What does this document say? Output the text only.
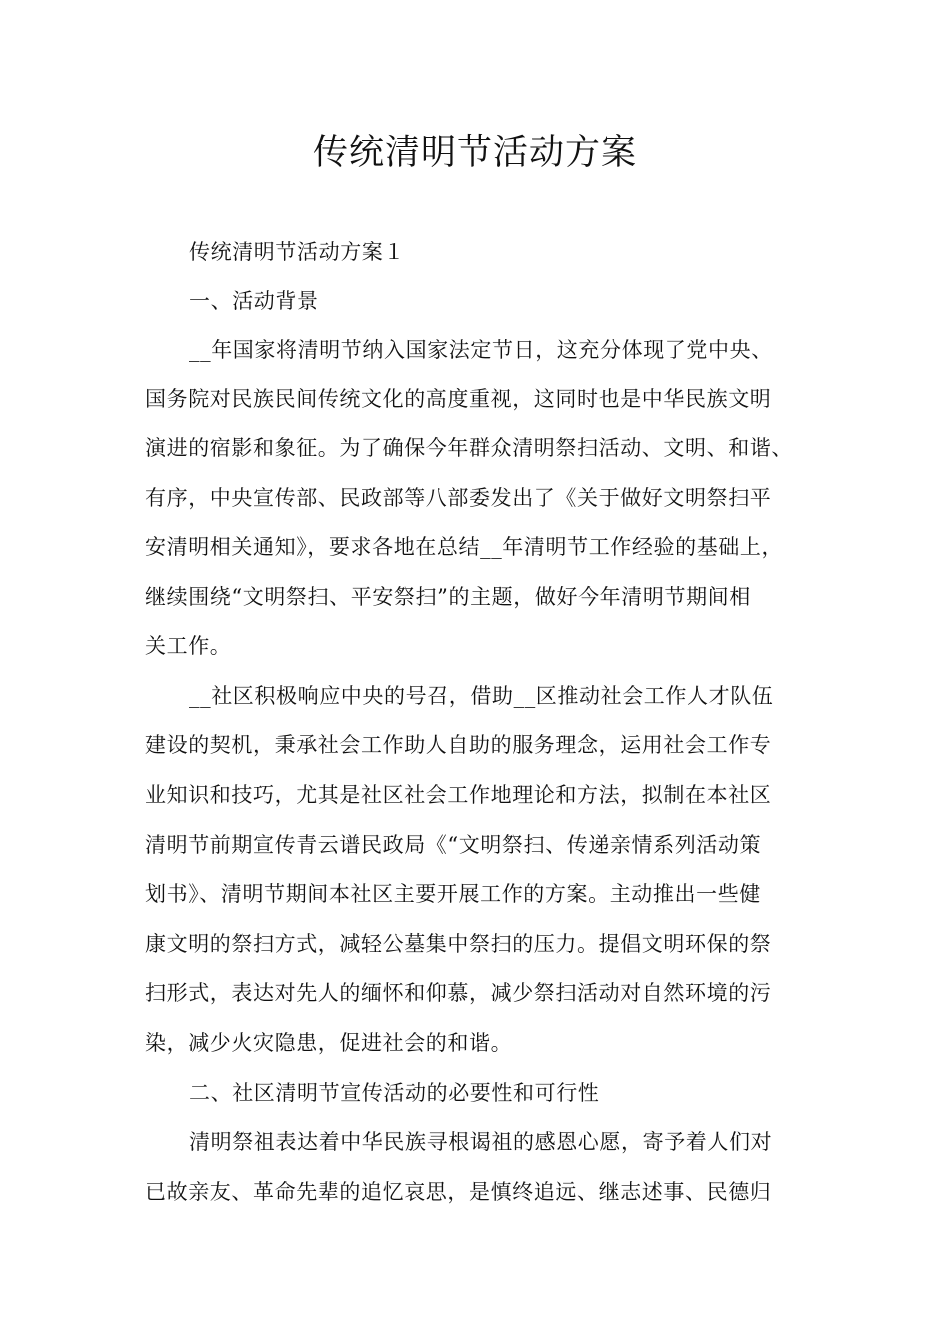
传统清明节活动方案
传统清明节活动方案１
一、活动背景
__年国家将清明节纳入国家法定节日，这充分体现了党中央、
国务院对民族民间传统文化的高度重视，这同时也是中华民族文明
演进的宿影和象征。为了确保今年群众清明祭扫活动、文明、和谐、
有序，中央宣传部、民政部等八部委发出了《关于做好文明祭扫平
安清明相关通知》，要求各地在总结__年清明节工作经验的基础上，
继续围绕“文明祭扫、平安祭扫”的主题，做好今年清明节期间相
关工作。
__社区积极响应中央的号召，借助__区推动社会工作人才队伍
建设的契机，秉承社会工作助人自助的服务理念，运用社会工作专
业知识和技巧，尤其是社区社会工作地理论和方法，拟制在本社区
清明节前期宣传青云谱民政局《“文明祭扫、传递亲情系列活动策
划书》、清明节期间本社区主要开展工作的方案。主动推出一些健
康文明的祭扫方式，减轻公墓集中祭扫的压力。提倡文明环保的祭
扫形式，表达对先人的缅怀和仰慕，减少祭扫活动对自然环境的污
染，减少火灾隐患，促进社会的和谐。
二、社区清明节宣传活动的必要性和可行性
清明祭祖表达着中华民族寻根谒祖的感恩心愿，寄予着人们对
已故亲友、革命先辈的追忆哀思，是慎终追远、继志述事、民德归
